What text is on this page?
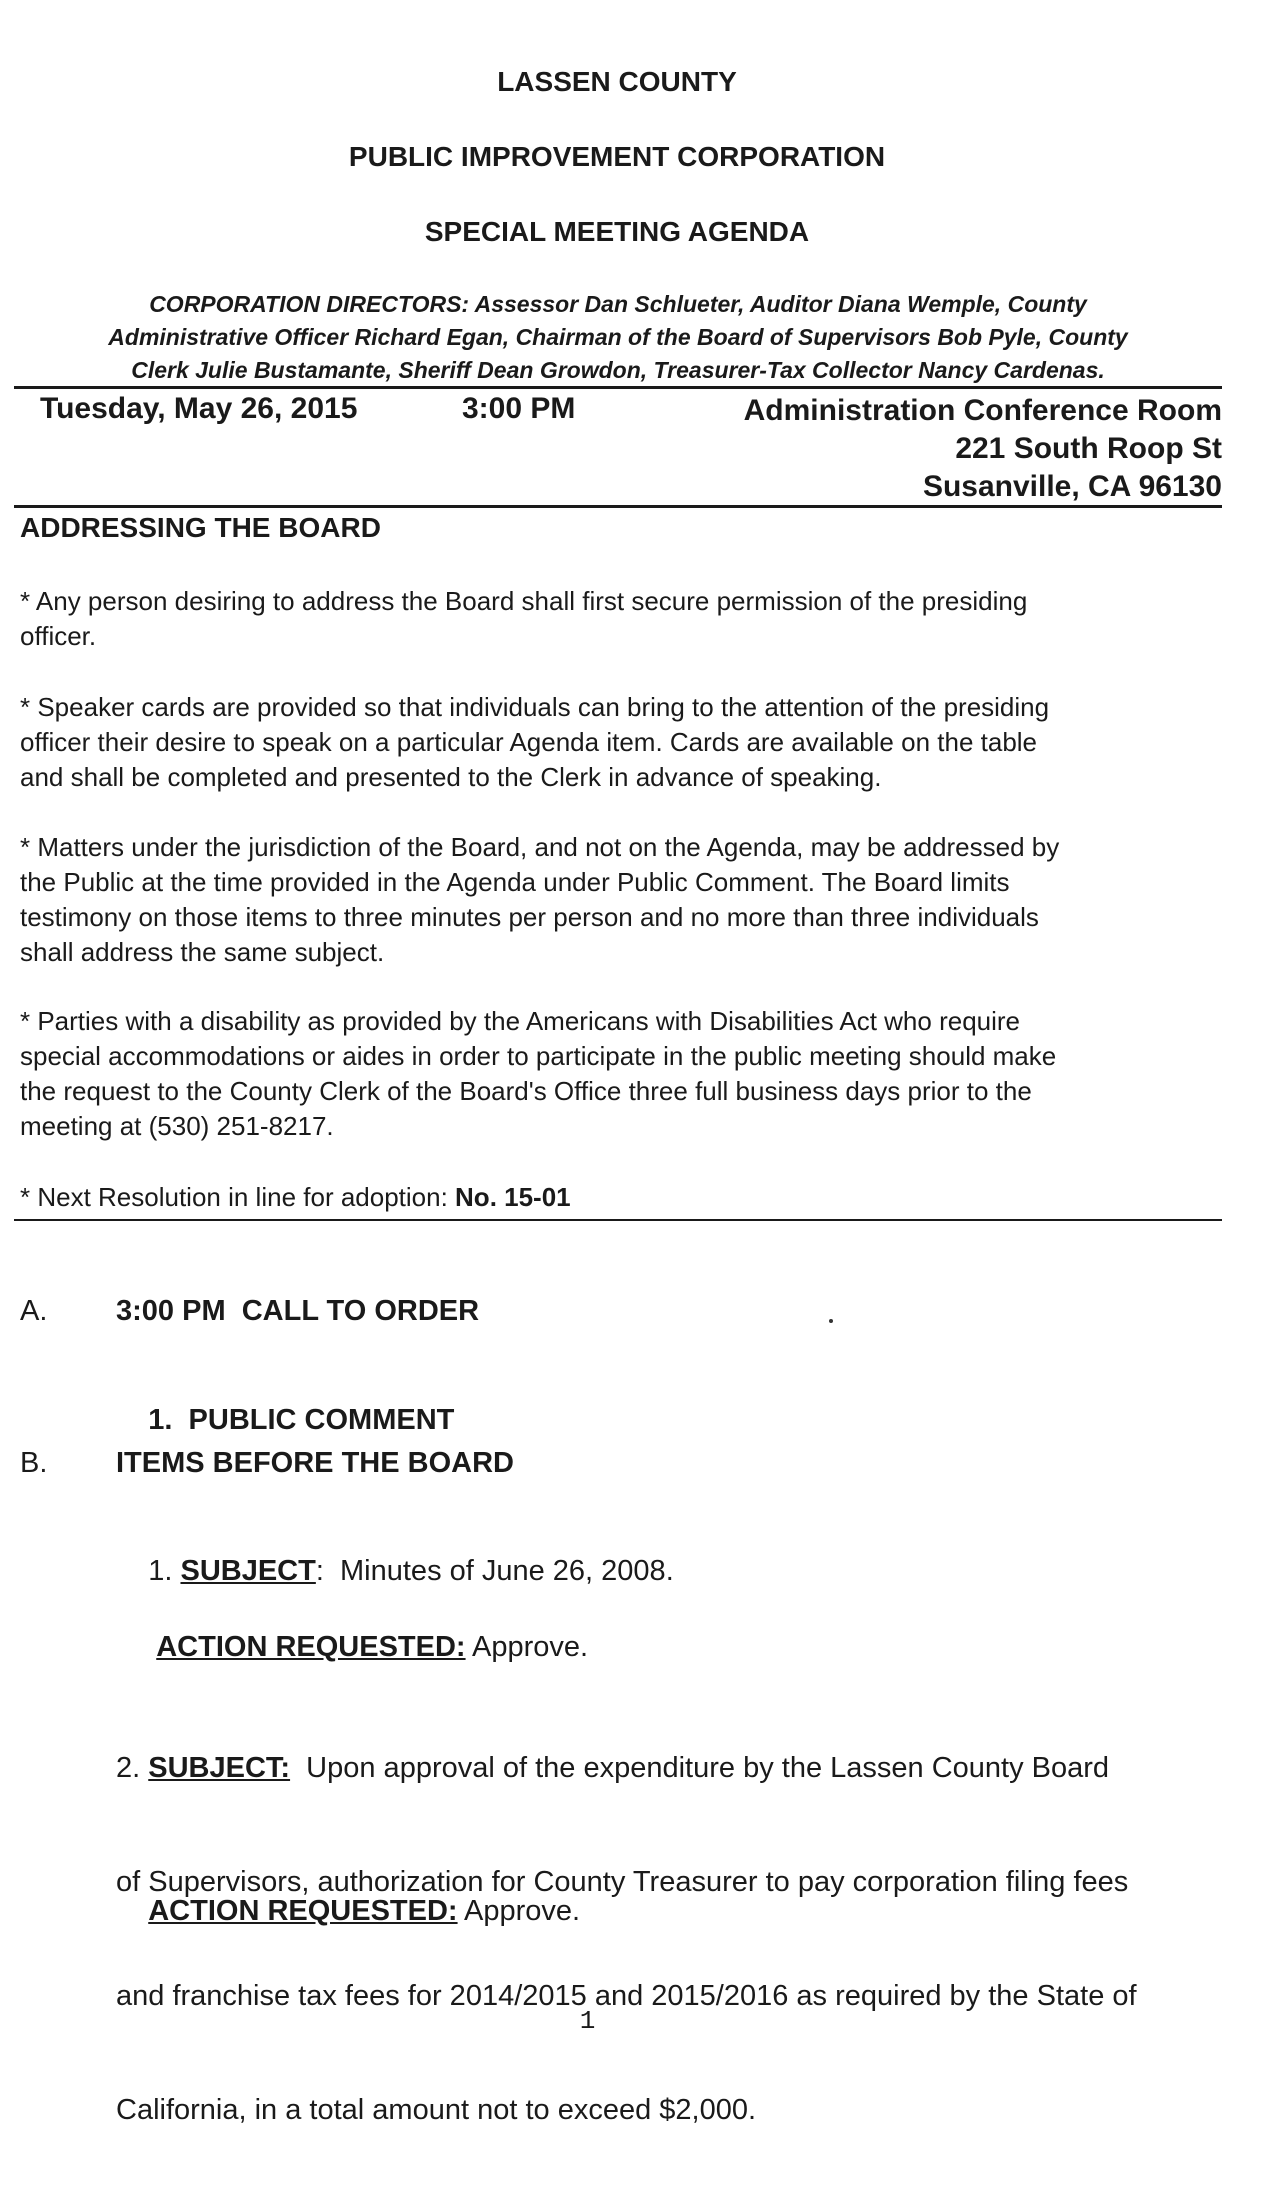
LASSEN COUNTY
PUBLIC IMPROVEMENT CORPORATION
SPECIAL MEETING AGENDA
CORPORATION DIRECTORS: Assessor Dan Schlueter, Auditor Diana Wemple, County
Administrative Officer Richard Egan, Chairman of the Board of Supervisors Bob Pyle, County
Clerk Julie Bustamante, Sheriff Dean Growdon, Treasurer-Tax Collector Nancy Cardenas.
Tuesday, May 26, 2015	3:00 PM	Administration Conference Room
221 South Roop St
Susanville, CA 96130
ADDRESSING THE BOARD
* Any person desiring to address the Board shall first secure permission of the presiding
officer.
* Speaker cards are provided so that individuals can bring to the attention of the presiding
officer their desire to speak on a particular Agenda item. Cards are available on the table
and shall be completed and presented to the Clerk in advance of speaking.
* Matters under the jurisdiction of the Board, and not on the Agenda, may be addressed by
the Public at the time provided in the Agenda under Public Comment. The Board limits
testimony on those items to three minutes per person and no more than three individuals
shall address the same subject.
* Parties with a disability as provided by the Americans with Disabilities Act who require
special accommodations or aides in order to participate in the public meeting should make
the request to the County Clerk of the Board's Office three full business days prior to the
meeting at (530) 251-8217.
* Next Resolution in line for adoption: No. 15-01
A. 3:00 PM  CALL TO ORDER

1.  PUBLIC COMMENT

B. ITEMS BEFORE THE BOARD

1. SUBJECT:  Minutes of June 26, 2008.

ACTION REQUESTED: Approve.

2. SUBJECT:  Upon approval of the expenditure by the Lassen County Board

of Supervisors, authorization for County Treasurer to pay corporation filing fees

and franchise tax fees for 2014/2015 and 2015/2016 as required by the State of

California, in a total amount not to exceed $2,000.

ACTION REQUESTED: Approve.

1
